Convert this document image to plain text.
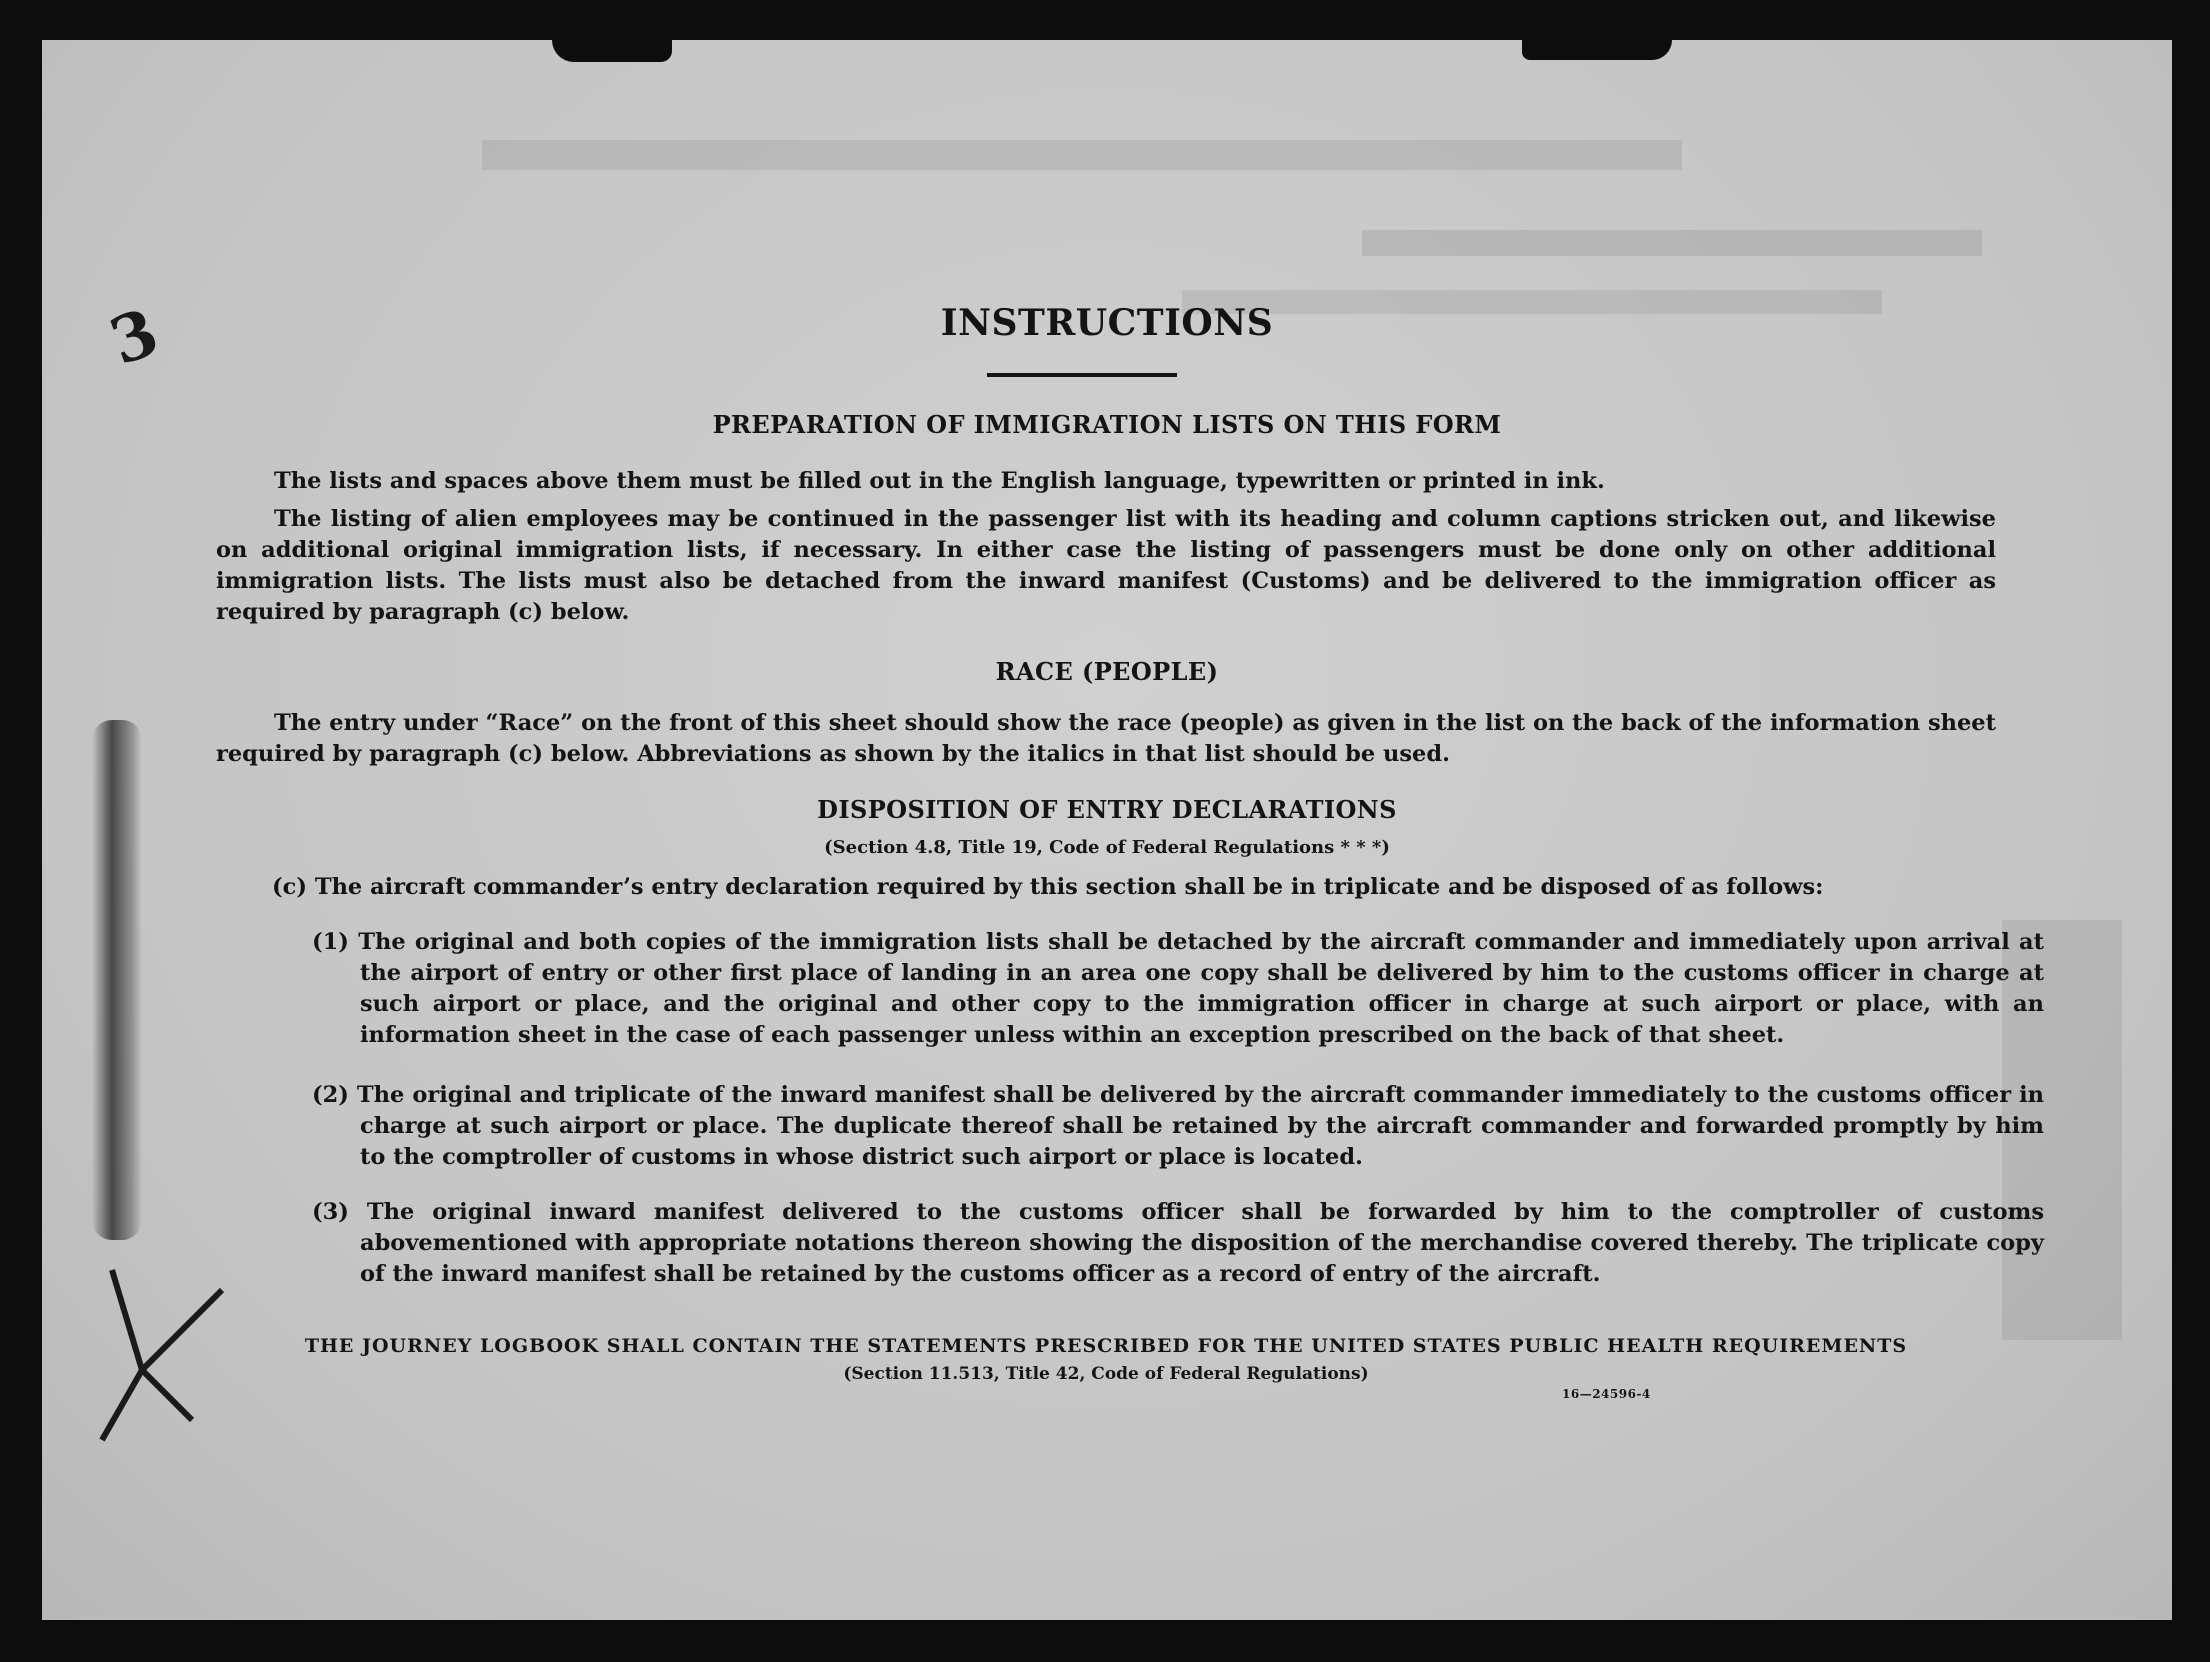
3	INSTRUCTIONS
PREPARATION OF IMMIGRATION LISTS ON THIS FORM

The lists and spaces above them must be filled out in the English language, typewritten or printed in ink.

The listing of alien employees may be continued in the passenger list with its heading and column captions stricken out, and likewise on additional original immigration lists, if necessary. In either case the listing of passengers must be done only on other additional immigration lists. The lists must also be detached from the inward manifest (Customs) and be delivered to the immigration officer as required by paragraph (c) below.

RACE (PEOPLE)

The entry under “Race” on the front of this sheet should show the race (people) as given in the list on the back of the information sheet required by paragraph (c) below. Abbreviations as shown by the italics in that list should be used.

DISPOSITION OF ENTRY DECLARATIONS
(Section 4.8, Title 19, Code of Federal Regulations * * *)

(c) The aircraft commander’s entry declaration required by this section shall be in triplicate and be disposed of as follows:

(1) The original and both copies of the immigration lists shall be detached by the aircraft commander and immediately upon arrival at the airport of entry or other first place of landing in an area one copy shall be delivered by him to the customs officer in charge at such airport or place, and the original and other copy to the immigration officer in charge at such airport or place, with an information sheet in the case of each passenger unless within an exception prescribed on the back of that sheet.

(2) The original and triplicate of the inward manifest shall be delivered by the aircraft commander immediately to the customs officer in charge at such airport or place. The duplicate thereof shall be retained by the aircraft commander and forwarded promptly by him to the comptroller of customs in whose district such airport or place is located.

(3) The original inward manifest delivered to the customs officer shall be forwarded by him to the comptroller of customs abovementioned with appropriate notations thereon showing the disposition of the merchandise covered thereby. The triplicate copy of the inward manifest shall be retained by the customs officer as a record of entry of the aircraft.

THE JOURNEY LOGBOOK SHALL CONTAIN THE STATEMENTS PRESCRIBED FOR THE UNITED STATES PUBLIC HEALTH REQUIREMENTS
(Section 11.513, Title 42, Code of Federal Regulations)
16—24596-4
